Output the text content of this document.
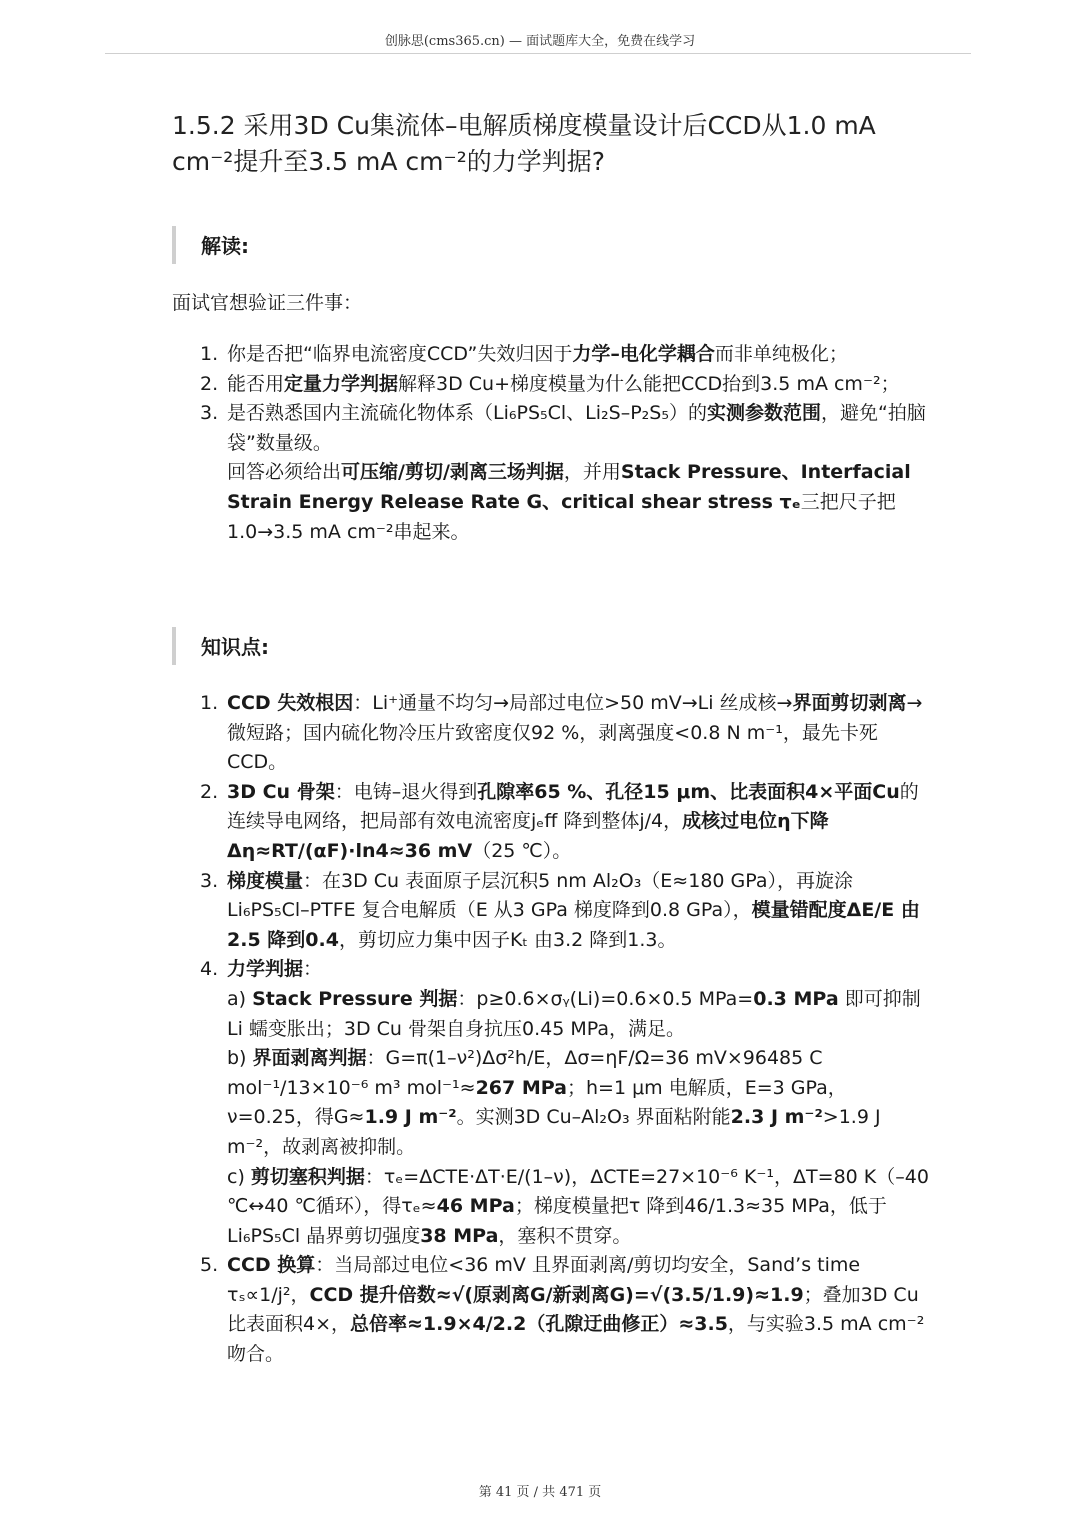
创脉思(cms365.cn) — 面试题库大全，免费在线学习
1.5.2 采用3D Cu集流体–电解质梯度模量设计后CCD从1.0 mA cm⁻²提升至3.5 mA cm⁻²的力学判据?
解读:
面试官想验证三件事：
1. 你是否把“临界电流密度CCD”失效归因于力学–电化学耦合而非单纯极化；

2. 能否用定量力学判据解释3D Cu+梯度模量为什么能把CCD抬到3.5 mA cm⁻²；

3. 是否熟悉国内主流硫化物体系（Li₆PS₅Cl、Li₂S–P₂S₅）的实测参数范围，避免“拍脑袋”数量级。

回答必须给出可压缩/剪切/剥离三场判据，并用Stack Pressure、Interfacial Strain Energy Release Rate G、critical shear stress τₑ三把尺子把1.0→3.5 mA cm⁻²串起来。

知识点:
1. CCD 失效根因：Li⁺通量不均匀→局部过电位>50 mV→Li 丝成核→界面剪切剥离→微短路；国内硫化物冷压片致密度仅92 %，剥离强度<0.8 N m⁻¹，最先卡死CCD。

2. 3D Cu 骨架：电铸–退火得到孔隙率65 %、孔径15 μm、比表面积4×平面Cu的连续导电网络，把局部有效电流密度jₑff 降到整体j/4，成核过电位η下降Δη≈RT/(αF)·ln4≈36 mV（25 ℃）。

3. 梯度模量：在3D Cu 表面原子层沉积5 nm Al₂O₃（E≈180 GPa），再旋涂Li₆PS₅Cl–PTFE 复合电解质（E 从3 GPa 梯度降到0.8 GPa），模量错配度ΔE/E 由2.5 降到0.4，剪切应力集中因子Kₜ 由3.2 降到1.3。

4. 力学判据：

a) Stack Pressure 判据：p≥0.6×σᵧ(Li)=0.6×0.5 MPa=0.3 MPa 即可抑制Li 蠕变胀出；3D Cu 骨架自身抗压0.45 MPa，满足。

b) 界面剥离判据：G=π(1–ν²)Δσ²h/E，Δσ=ηF/Ω=36 mV×96485 C mol⁻¹/13×10⁻⁶ m³ mol⁻¹≈267 MPa；h=1 μm 电解质，E=3 GPa，ν=0.25，得G≈1.9 J m⁻²。实测3D Cu–Al₂O₃ 界面粘附能2.3 J m⁻²>1.9 J m⁻²，故剥离被抑制。

c) 剪切塞积判据：τₑ=ΔCTE·ΔT·E/(1–ν)，ΔCTE=27×10⁻⁶ K⁻¹，ΔT=80 K（–40 ℃↔40 ℃循环），得τₑ≈46 MPa；梯度模量把τ 降到46/1.3≈35 MPa，低于Li₆PS₅Cl 晶界剪切强度38 MPa，塞积不贯穿。

5. CCD 换算：当局部过电位<36 mV 且界面剥离/剪切均安全，Sand’s time τₛ∝1/j²，CCD 提升倍数≈√(原剥离G/新剥离G)=√(3.5/1.9)≈1.9；叠加3D Cu 比表面积4×，总倍率≈1.9×4/2.2（孔隙迂曲修正）≈3.5，与实验3.5 mA cm⁻² 吻合。

第 41 页 / 共 471 页
